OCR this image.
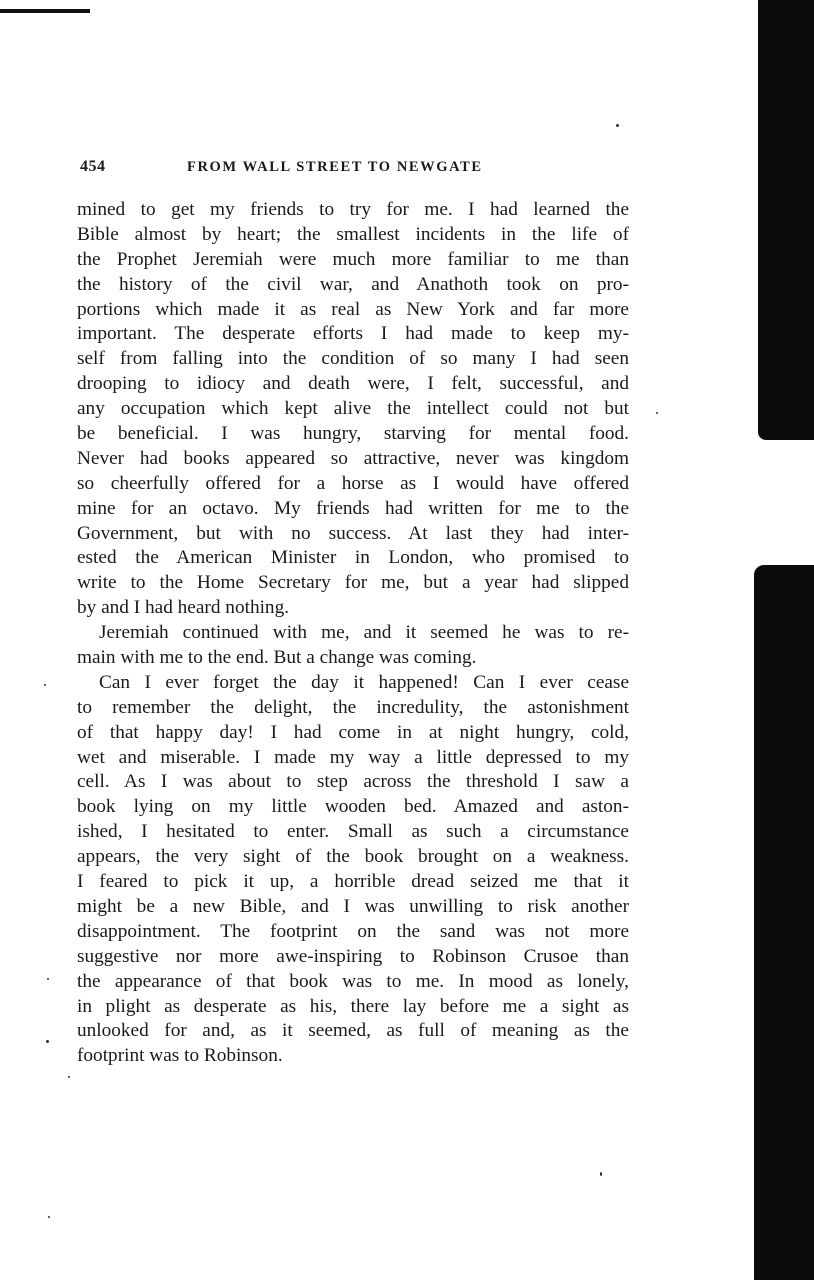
454	FROM WALL STREET TO NEWGATE
mined to get my friends to try for me. I had learned the
Bible almost by heart; the smallest incidents in the life of
the Prophet Jeremiah were much more familiar to me than
the history of the civil war, and Anathoth took on pro-
portions which made it as real as New York and far more
important. The desperate efforts I had made to keep my-
self from falling into the condition of so many I had seen
drooping to idiocy and death were, I felt, successful, and
any occupation which kept alive the intellect could not but
be beneficial. I was hungry, starving for mental food.
Never had books appeared so attractive, never was kingdom
so cheerfully offered for a horse as I would have offered
mine for an octavo. My friends had written for me to the
Government, but with no success. At last they had inter-
ested the American Minister in London, who promised to
write to the Home Secretary for me, but a year had slipped
by and I had heard nothing.
Jeremiah continued with me, and it seemed he was to re-
main with me to the end. But a change was coming.
Can I ever forget the day it happened! Can I ever cease
to remember the delight, the incredulity, the astonishment
of that happy day! I had come in at night hungry, cold,
wet and miserable. I made my way a little depressed to my
cell. As I was about to step across the threshold I saw a
book lying on my little wooden bed. Amazed and aston-
ished, I hesitated to enter. Small as such a circumstance
appears, the very sight of the book brought on a weakness.
I feared to pick it up, a horrible dread seized me that it
might be a new Bible, and I was unwilling to risk another
disappointment. The footprint on the sand was not more
suggestive nor more awe-inspiring to Robinson Crusoe than
the appearance of that book was to me. In mood as lonely,
in plight as desperate as his, there lay before me a sight as
unlooked for and, as it seemed, as full of meaning as the
footprint was to Robinson.
